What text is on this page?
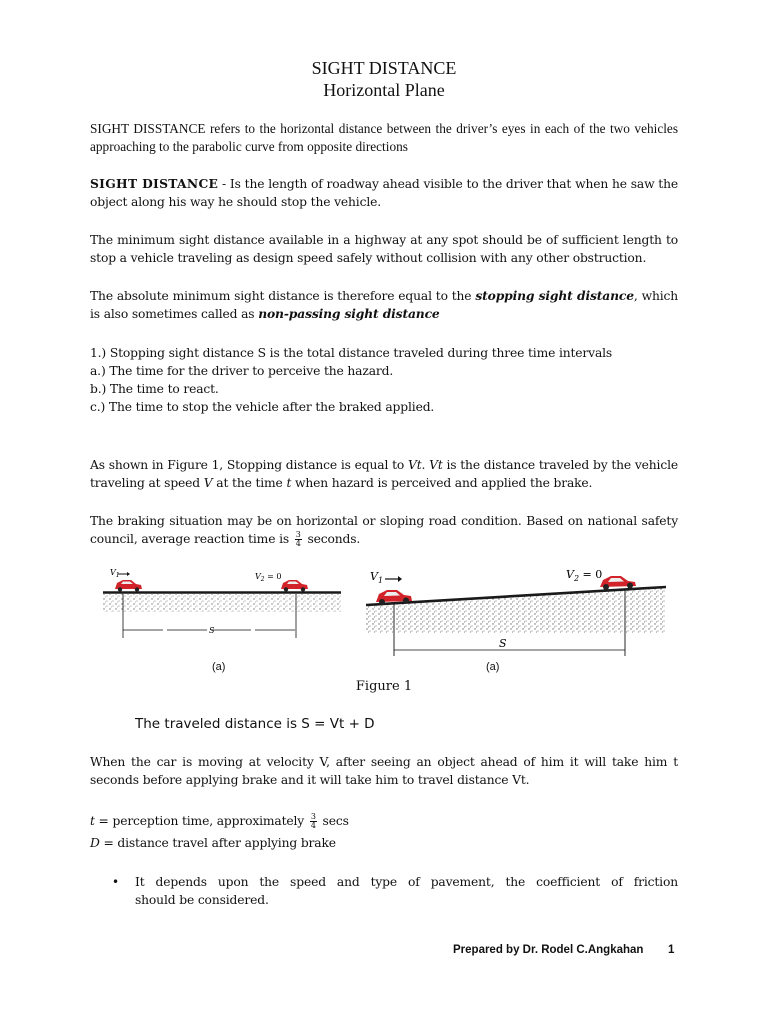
SIGHT DISTANCE
Horizontal Plane
SIGHT DISSTANCE refers to the horizontal distance between the driver’s eyes in each of the two vehicles approaching to the parabolic curve from opposite directions
SIGHT DISTANCE - Is the length of roadway ahead visible to the driver that when he saw the object along his way he should stop the vehicle.
The minimum sight distance available in a highway at any spot should be of sufficient length to stop a vehicle traveling as design speed safely without collision with any other obstruction.
The absolute minimum sight distance is therefore equal to the stopping sight distance, which is also sometimes called as non-passing sight distance
1.) Stopping sight distance S is the total distance traveled during three time intervals
a.) The time for the driver to perceive the hazard.
b.) The time to react.
c.) The time to stop the vehicle after the braked applied.
As shown in Figure 1, Stopping distance is equal to Vt. Vt is the distance traveled by the vehicle traveling at speed V at the time t when hazard is perceived and applied the brake.
The braking situation may be on horizontal or sloping road condition. Based on national safety council, average reaction time is $\frac{3}{4}$ seconds.
$V_1$	$V_2 = 0$
S
(a)
$V_1$	$V_2 = 0$
S
(a)
Figure 1
The traveled distance is S = Vt + D
When the car is moving at velocity V, after seeing an object ahead of him it will take him t seconds before applying brake and it will take him to travel distance Vt.
t = perception time, approximately $\frac{3}{4}$ secs
D = distance travel after applying brake
• It depends upon the speed and type of pavement, the coefficient of friction
should be considered.
Prepared by Dr. Rodel C.Angkahan 1
